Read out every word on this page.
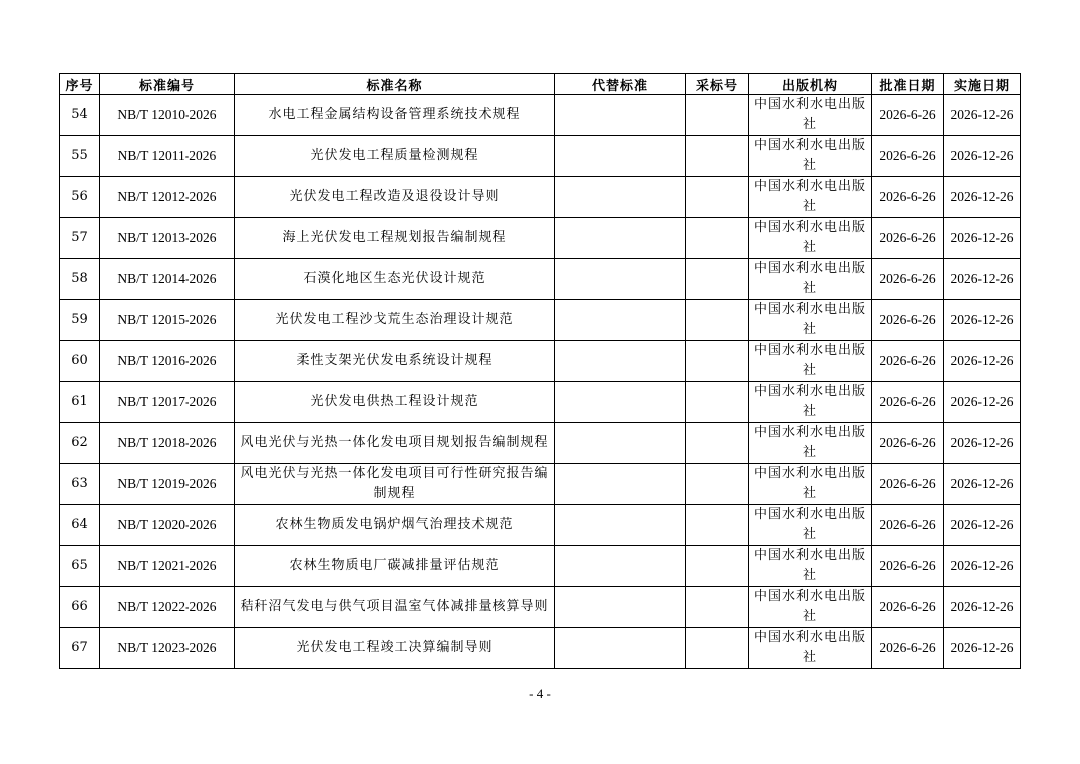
序号	标准编号	标准名称	代替标准	采标号	出版机构	批准日期	实施日期
54	NB/T 12010-2026	水电工程金属结构设备管理系统技术规程			中国水利水电出版社	2026-6-26	2026-12-26
55	NB/T 12011-2026	光伏发电工程质量检测规程			中国水利水电出版社	2026-6-26	2026-12-26
56	NB/T 12012-2026	光伏发电工程改造及退役设计导则			中国水利水电出版社	2026-6-26	2026-12-26
57	NB/T 12013-2026	海上光伏发电工程规划报告编制规程			中国水利水电出版社	2026-6-26	2026-12-26
58	NB/T 12014-2026	石漠化地区生态光伏设计规范			中国水利水电出版社	2026-6-26	2026-12-26
59	NB/T 12015-2026	光伏发电工程沙戈荒生态治理设计规范			中国水利水电出版社	2026-6-26	2026-12-26
60	NB/T 12016-2026	柔性支架光伏发电系统设计规程			中国水利水电出版社	2026-6-26	2026-12-26
61	NB/T 12017-2026	光伏发电供热工程设计规范			中国水利水电出版社	2026-6-26	2026-12-26
62	NB/T 12018-2026	风电光伏与光热一体化发电项目规划报告编制规程			中国水利水电出版社	2026-6-26	2026-12-26
63	NB/T 12019-2026	风电光伏与光热一体化发电项目可行性研究报告编制规程			中国水利水电出版社	2026-6-26	2026-12-26
64	NB/T 12020-2026	农林生物质发电锅炉烟气治理技术规范			中国水利水电出版社	2026-6-26	2026-12-26
65	NB/T 12021-2026	农林生物质电厂碳减排量评估规范			中国水利水电出版社	2026-6-26	2026-12-26
66	NB/T 12022-2026	秸秆沼气发电与供气项目温室气体减排量核算导则			中国水利水电出版社	2026-6-26	2026-12-26
67	NB/T 12023-2026	光伏发电工程竣工决算编制导则			中国水利水电出版社	2026-6-26	2026-12-26
- 4 -
